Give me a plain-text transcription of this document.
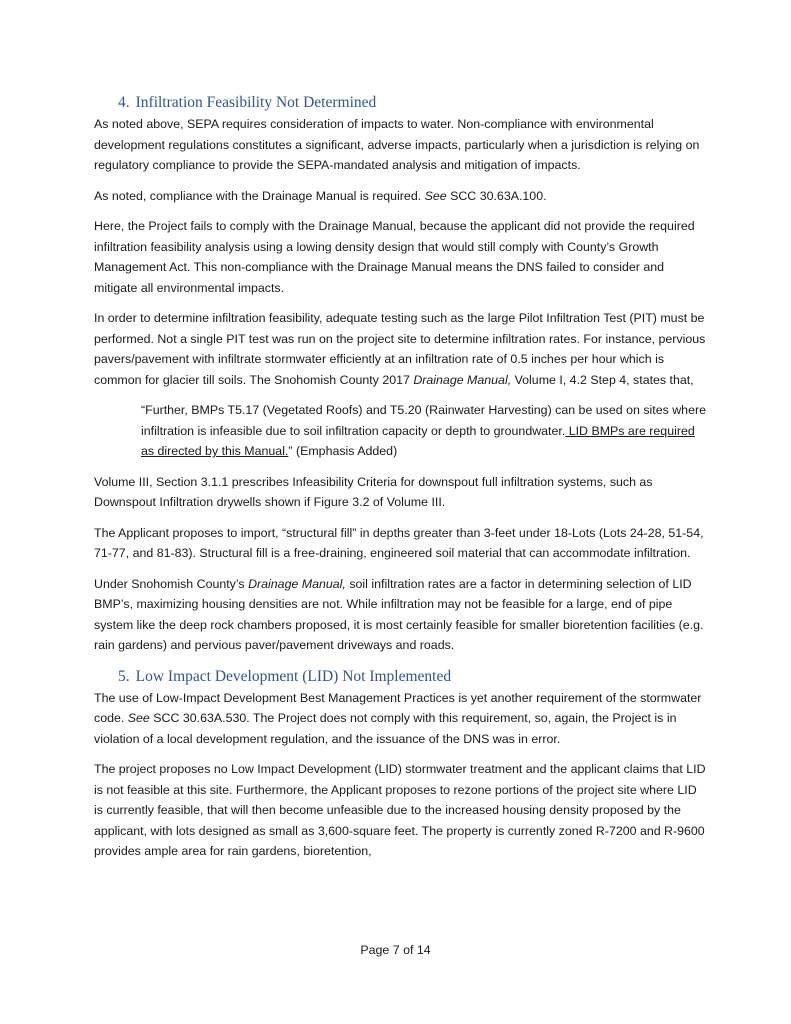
4. Infiltration Feasibility Not Determined

As noted above, SEPA requires consideration of impacts to water. Non-compliance with environmental development regulations constitutes a significant, adverse impacts, particularly when a jurisdiction is relying on regulatory compliance to provide the SEPA-mandated analysis and mitigation of impacts.

As noted, compliance with the Drainage Manual is required. See SCC 30.63A.100.

Here, the Project fails to comply with the Drainage Manual, because the applicant did not provide the required infiltration feasibility analysis using a lowing density design that would still comply with County’s Growth Management Act. This non-compliance with the Drainage Manual means the DNS failed to consider and mitigate all environmental impacts.

In order to determine infiltration feasibility, adequate testing such as the large Pilot Infiltration Test (PIT) must be performed. Not a single PIT test was run on the project site to determine infiltration rates. For instance, pervious pavers/pavement with infiltrate stormwater efficiently at an infiltration rate of 0.5 inches per hour which is common for glacier till soils. The Snohomish County 2017 Drainage Manual, Volume I, 4.2 Step 4, states that,

“Further, BMPs T5.17 (Vegetated Roofs) and T5.20 (Rainwater Harvesting) can be used on sites where infiltration is infeasible due to soil infiltration capacity or depth to groundwater. LID BMPs are required as directed by this Manual.” (Emphasis Added)

Volume III, Section 3.1.1 prescribes Infeasibility Criteria for downspout full infiltration systems, such as Downspout Infiltration drywells shown if Figure 3.2 of Volume III.

The Applicant proposes to import, “structural fill” in depths greater than 3-feet under 18-Lots (Lots 24-28, 51-54, 71-77, and 81-83). Structural fill is a free-draining, engineered soil material that can accommodate infiltration.

Under Snohomish County’s Drainage Manual, soil infiltration rates are a factor in determining selection of LID BMP’s, maximizing housing densities are not. While infiltration may not be feasible for a large, end of pipe system like the deep rock chambers proposed, it is most certainly feasible for smaller bioretention facilities (e.g. rain gardens) and pervious paver/pavement driveways and roads.

5. Low Impact Development (LID) Not Implemented

The use of Low-Impact Development Best Management Practices is yet another requirement of the stormwater code. See SCC 30.63A.530. The Project does not comply with this requirement, so, again, the Project is in violation of a local development regulation, and the issuance of the DNS was in error.

The project proposes no Low Impact Development (LID) stormwater treatment and the applicant claims that LID is not feasible at this site. Furthermore, the Applicant proposes to rezone portions of the project site where LID is currently feasible, that will then become unfeasible due to the increased housing density proposed by the applicant, with lots designed as small as 3,600-square feet. The property is currently zoned R-7200 and R-9600 provides ample area for rain gardens, bioretention,

Page 7 of 14
